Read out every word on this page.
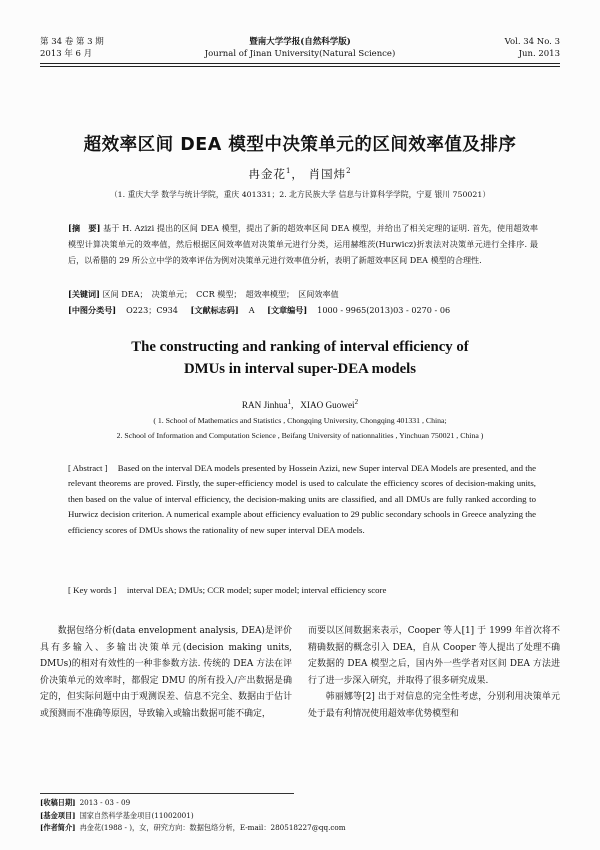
第 34 卷 第 3 期
2013 年 6 月
暨南大学学报(自然科学版)
Journal of Jinan University(Natural Science)
Vol. 34 No. 3
Jun. 2013
超效率区间 DEA 模型中决策单元的区间效率值及排序
冉金花$^1$， 肖国炜$^2$
（1. 重庆大学 数学与统计学院，重庆 401331；2. 北方民族大学 信息与计算科学学院，宁夏 银川 750021）
[摘　要] 基于 H. Azizi 提出的区间 DEA 模型，提出了新的超效率区间 DEA 模型，并给出了相关定理的证明. 首先，使用超效率模型计算决策单元的效率值，然后根据区间效率值对决策单元进行分类，运用赫维茨(Hurwicz)折衷法对决策单元进行全排序. 最后，以希腊的 29 所公立中学的效率评估为例对决策单元进行效率值分析，表明了新超效率区间 DEA 模型的合理性.
[关键词] 区间 DEA；　决策单元；　CCR 模型；　超效率模型；　区间效率值
[中图分类号] O223；C934 [文献标志码] A [文章编号] 1000 - 9965(2013)03 - 0270 - 06
The constructing and ranking of interval efficiency of
DMUs in interval super-DEA models
RAN Jinhua$^1$, XIAO Guowei$^2$
( 1. School of Mathematics and Statistics , Chongqing University, Chongqing 401331 , China;
2. School of Information and Computation Science , Beifang University of nationnalities , Yinchuan 750021 , China )
[ Abstract ] Based on the interval DEA models presented by Hossein Azizi, new Super interval DEA Models are presented, and the relevant theorems are proved. Firstly, the super-efficiency model is used to calculate the efficiency scores of decision-making units, then based on the value of interval efficiency, the decision-making units are classified, and all DMUs are fully ranked according to Hurwicz decision criterion. A numerical example about efficiency evaluation to 29 public secondary schools in Greece analyzing the efficiency scores of DMUs shows the rationality of new super interval DEA models.
[ Key words ] interval DEA; DMUs; CCR model; super model; interval efficiency score
数据包络分析(data envelopment analysis, DEA)是评价具有多输入、多输出决策单元(decision making units, DMUs)的相对有效性的一种非参数方法. 传统的 DEA 方法在评价决策单元的效率时，都假定 DMU 的所有投入/产出数据是确定的，但实际问题中由于观测误差、信息不完全、数据由于估计或预测而不准确等原因，导致输入或输出数据可能不确定，
而要以区间数据来表示，Cooper 等人[1] 于 1999 年首次将不精确数据的概念引入 DEA，自从 Cooper 等人提出了处理不确定数据的 DEA 模型之后，国内外一些学者对区间 DEA 方法进行了进一步深入研究，并取得了很多研究成果.
韩丽娜等[2] 出于对信息的完全性考虑，分别利用决策单元处于最有利情况使用超效率优势模型和
[收稿日期] 2013 - 03 - 09
[基金项目] 国家自然科学基金项目(11002001)
[作者简介] 冉金花(1988 - )，女，研究方向：数据包络分析，E-mail：280518227@qq.com
